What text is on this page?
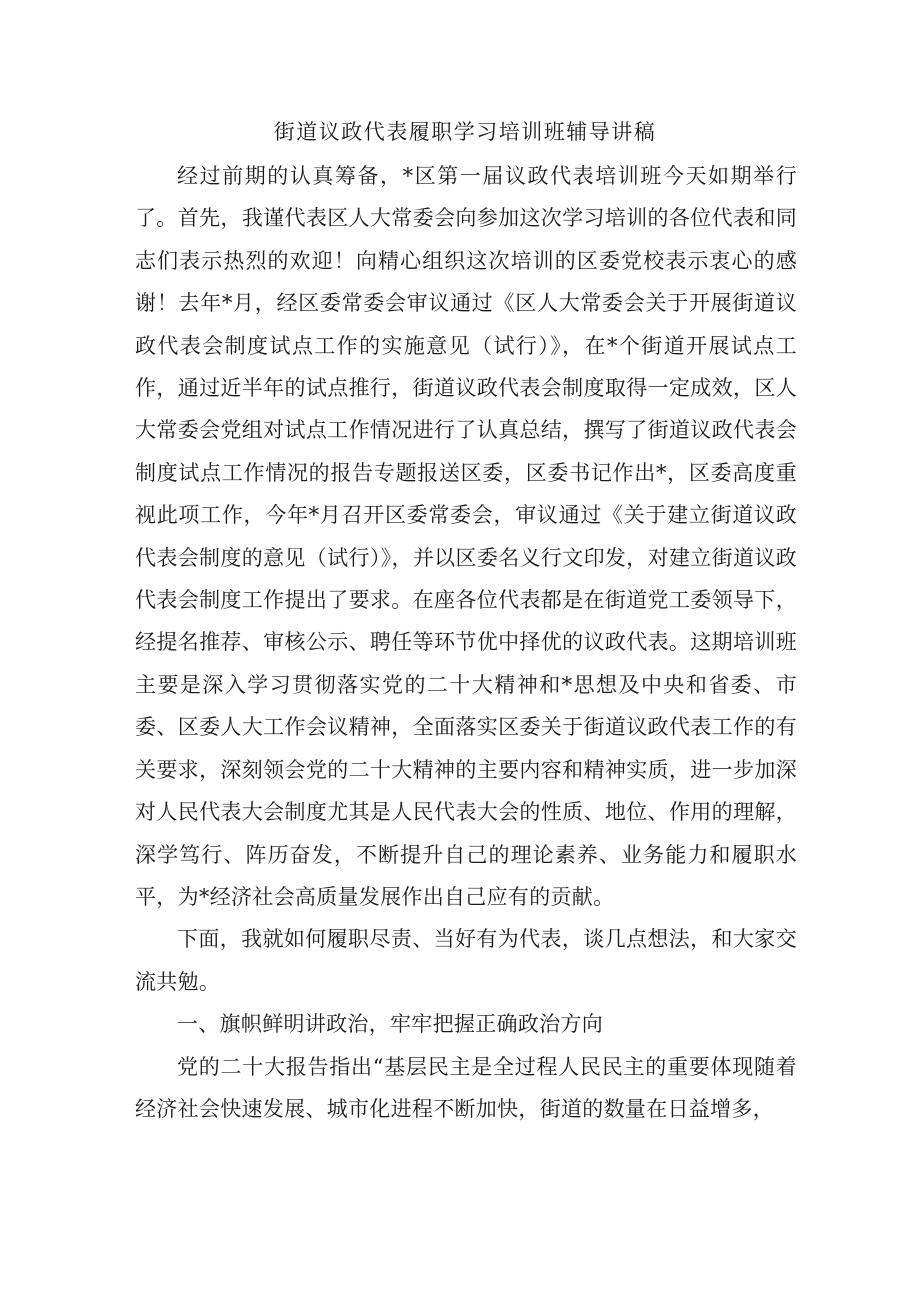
街道议政代表履职学习培训班辅导讲稿

经过前期的认真筹备，*区第一届议政代表培训班今天如期举行了。首先，我谨代表区人大常委会向参加这次学习培训的各位代表和同志们表示热烈的欢迎！向精心组织这次培训的区委党校表示衷心的感谢！去年*月，经区委常委会审议通过《区人大常委会关于开展街道议政代表会制度试点工作的实施意见（试行）》，在*个街道开展试点工作，通过近半年的试点推行，街道议政代表会制度取得一定成效，区人大常委会党组对试点工作情况进行了认真总结，撰写了街道议政代表会制度试点工作情况的报告专题报送区委，区委书记作出*，区委高度重视此项工作，今年*月召开区委常委会，审议通过《关于建立街道议政代表会制度的意见（试行）》，并以区委名义行文印发，对建立街道议政代表会制度工作提出了要求。在座各位代表都是在街道党工委领导下，经提名推荐、审核公示、聘任等环节优中择优的议政代表。这期培训班主要是深入学习贯彻落实党的二十大精神和*思想及中央和省委、市委、区委人大工作会议精神，全面落实区委关于街道议政代表工作的有关要求，深刻领会党的二十大精神的主要内容和精神实质，进一步加深对人民代表大会制度尤其是人民代表大会的性质、地位、作用的理解，深学笃行、阵历奋发，不断提升自己的理论素养、业务能力和履职水平，为*经济社会高质量发展作出自己应有的贡献。

下面，我就如何履职尽责、当好有为代表，谈几点想法，和大家交流共勉。

一、旗帜鲜明讲政治，牢牢把握正确政治方向

党的二十大报告指出“基层民主是全过程人民民主的重要体现随着经济社会快速发展、城市化进程不断加快，街道的数量在日益增多，
